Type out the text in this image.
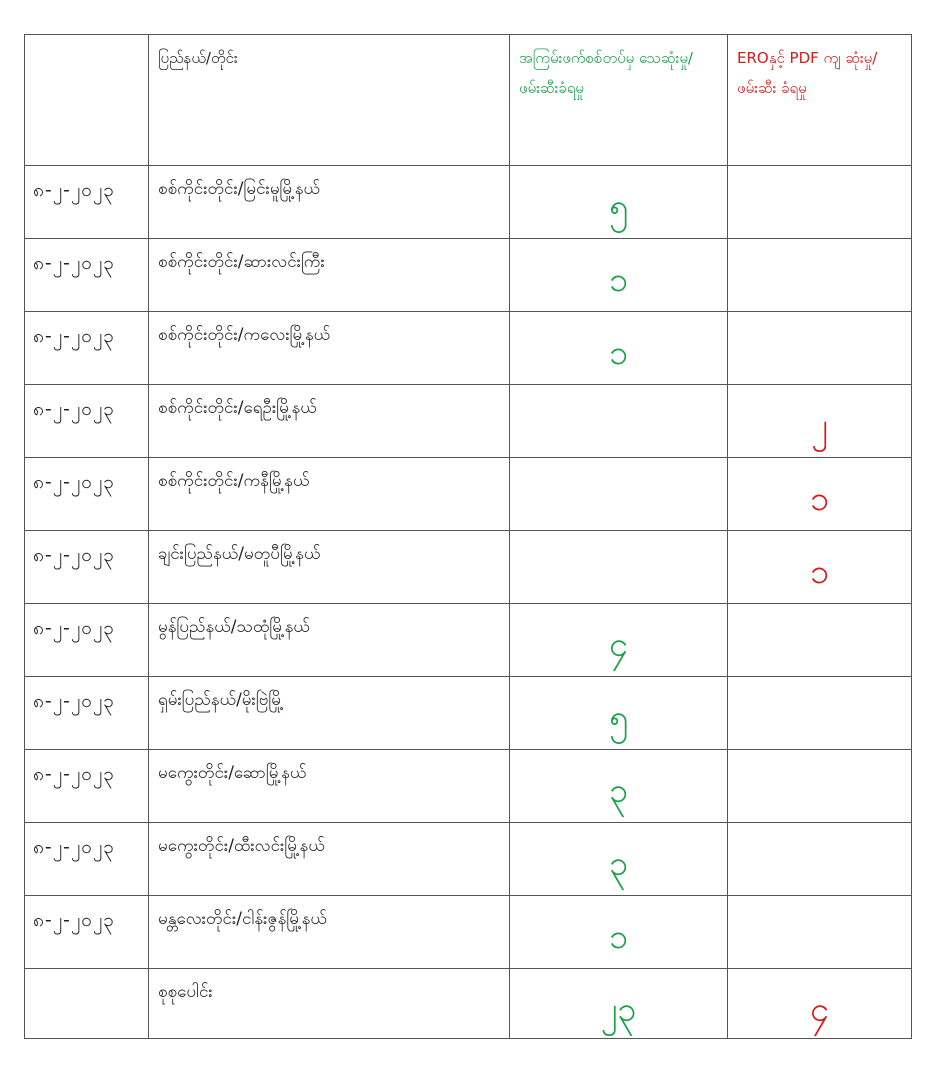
	ပြည်နယ်/တိုင်း	အကြမ်းဖက်စစ်တပ်မှ သေဆုံးမှု/ ဖမ်းဆီးခံရမှု	EROနှင့် PDF ကျ ဆုံးမှု/ ဖမ်းဆီး ခံရမှု

၈-၂-၂၀၂၃	စစ်ကိုင်းတိုင်း/မြင်းမူမြို့နယ်	၅	

၈-၂-၂၀၂၃	စစ်ကိုင်းတိုင်း/ဆားလင်းကြီး	၁	

၈-၂-၂၀၂၃	စစ်ကိုင်းတိုင်း/ကလေးမြို့နယ်	၁	

၈-၂-၂၀၂၃	စစ်ကိုင်းတိုင်း/ရေဦးမြို့နယ်		၂

၈-၂-၂၀၂၃	စစ်ကိုင်းတိုင်း/ကနီမြို့နယ်		၁

၈-၂-၂၀၂၃	ချင်းပြည်နယ်/မတူပီမြို့နယ်		၁

၈-၂-၂၀၂၃	မွန်ပြည်နယ်/သထုံမြို့နယ်	၄	

၈-၂-၂၀၂၃	ရှမ်းပြည်နယ်/မိုးဗြဲမြို့	၅	

၈-၂-၂၀၂၃	မကွေးတိုင်း/ဆောမြို့နယ်	၃	

၈-၂-၂၀၂၃	မကွေးတိုင်း/ထီးလင်းမြို့နယ်	၃	

၈-၂-၂၀၂၃	မန္တလေးတိုင်း/ငါန်းဇွန်မြို့နယ်	၁	

	စုစုပေါင်း	၂၃	၄
